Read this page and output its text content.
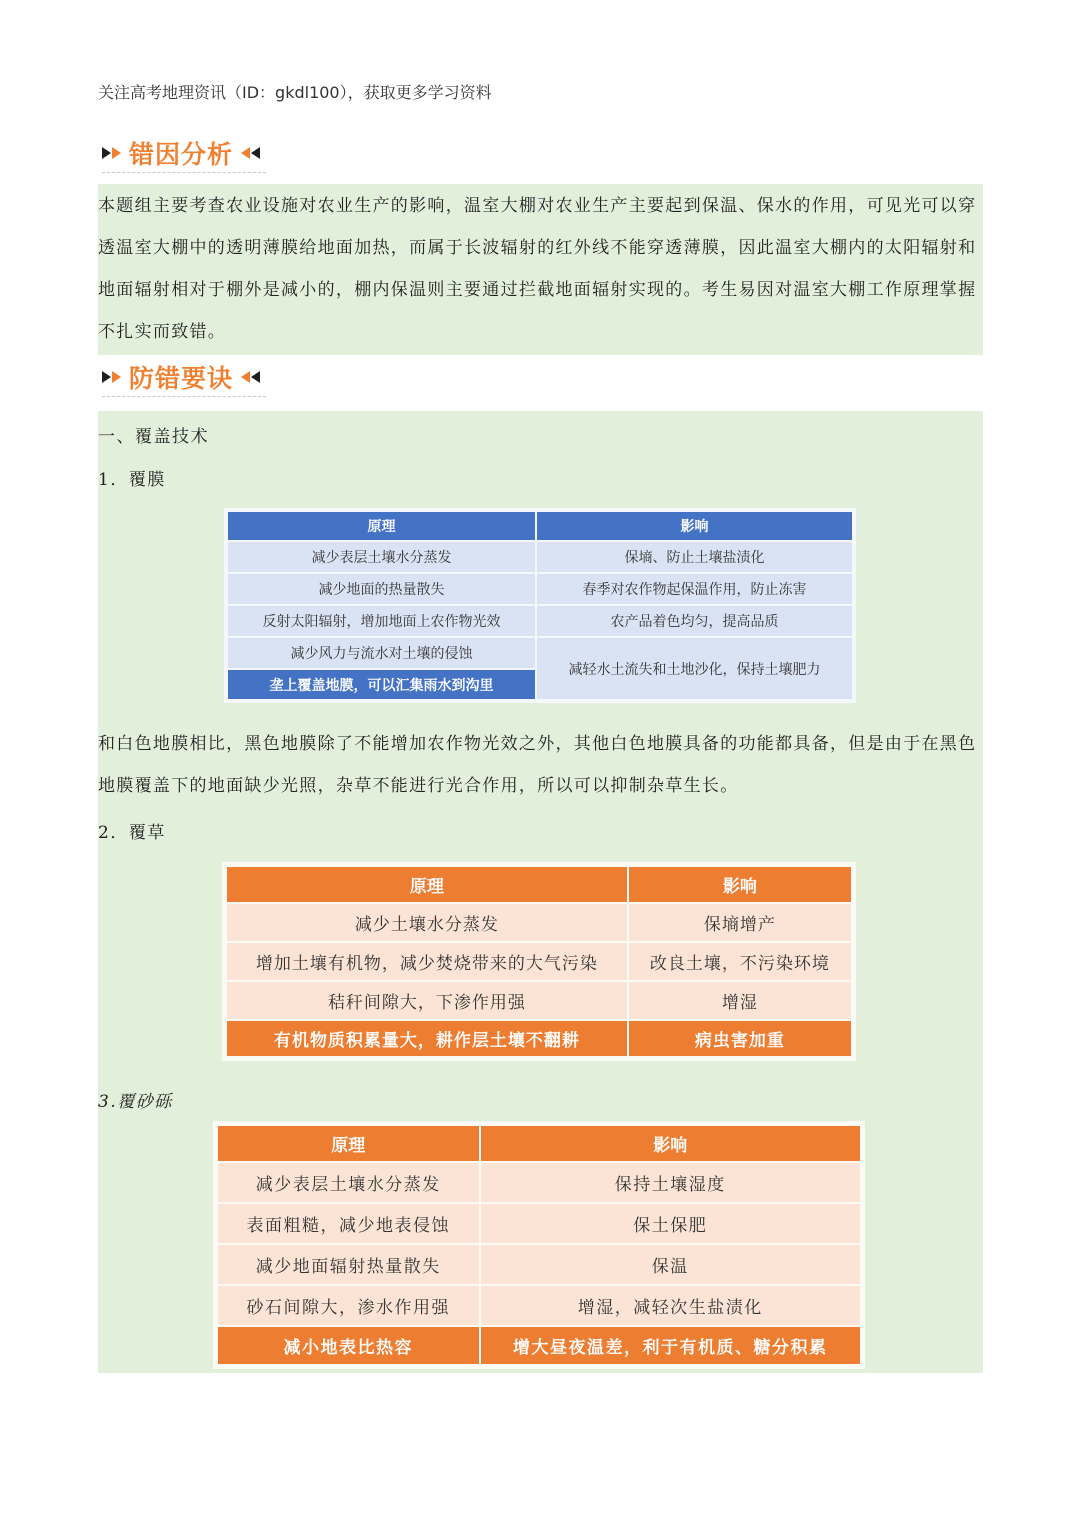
关注高考地理资讯（ID：gkdl100），获取更多学习资料
错因分析

本题组主要考查农业设施对农业生产的影响，温室大棚对农业生产主要起到保温、保水的作用，可见光可以穿透温室大棚中的透明薄膜给地面加热，而属于长波辐射的红外线不能穿透薄膜，因此温室大棚内的太阳辐射和地面辐射相对于棚外是减小的，棚内保温则主要通过拦截地面辐射实现的。考生易因对温室大棚工作原理掌握不扎实而致错。

防错要诀
一、覆盖技术
1．覆膜
原理	影响
减少表层土壤水分蒸发	保墒、防止土壤盐渍化
减少地面的热量散失	春季对农作物起保温作用，防止冻害
反射太阳辐射，增加地面上农作物光效	农产品着色均匀，提高品质
减少风力与流水对土壤的侵蚀	减轻水土流失和土地沙化，保持土壤肥力
垄上覆盖地膜，可以汇集雨水到沟里	

和白色地膜相比，黑色地膜除了不能增加农作物光效之外，其他白色地膜具备的功能都具备，但是由于在黑色地膜覆盖下的地面缺少光照，杂草不能进行光合作用，所以可以抑制杂草生长。

2．覆草
原理	影响
减少土壤水分蒸发	保墒增产
增加土壤有机物，减少焚烧带来的大气污染	改良土壤，不污染环境
秸秆间隙大，下渗作用强	增湿
有机物质积累量大，耕作层土壤不翻耕	病虫害加重
3.覆砂砾
原理	影响
减少表层土壤水分蒸发	保持土壤湿度
表面粗糙，减少地表侵蚀	保土保肥
减少地面辐射热量散失	保温
砂石间隙大，渗水作用强	增湿，减轻次生盐渍化
减小地表比热容	增大昼夜温差，利于有机质、糖分积累
